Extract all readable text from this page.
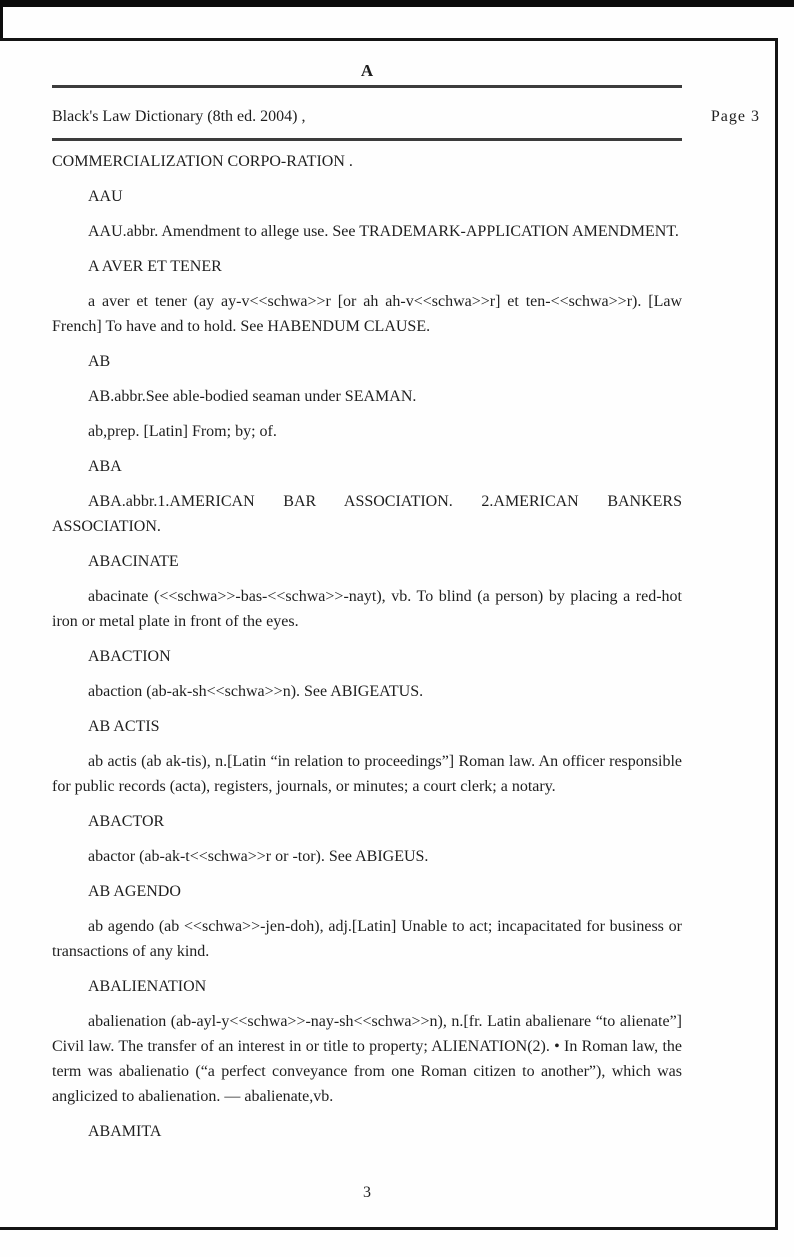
A
Black's Law Dictionary (8th ed. 2004) ,	Page 3

COMMERCIALIZATION CORPO-RATION .

AAU

AAU.abbr. Amendment to allege use. See TRADEMARK-APPLICATION AMENDMENT.

A AVER ET TENER

a aver et tener (ay ay-v<<schwa>>r [or ah ah-v<<schwa>>r] et ten-<<schwa>>r). [Law French] To have and to hold. See HABENDUM CLAUSE.

AB

AB.abbr.See able-bodied seaman under SEAMAN.

ab,prep. [Latin] From; by; of.

ABA

ABA.abbr.1.AMERICAN BAR ASSOCIATION. 2.AMERICAN BANKERS ASSOCIATION.

ABACINATE

abacinate (<<schwa>>-bas-<<schwa>>-nayt), vb. To blind (a person) by placing a red-hot iron or metal plate in front of the eyes.

ABACTION

abaction (ab-ak-sh<<schwa>>n). See ABIGEATUS.

AB ACTIS

ab actis (ab ak-tis), n.[Latin “in relation to proceedings”] Roman law. An officer responsible for public records (acta), registers, journals, or minutes; a court clerk; a notary.

ABACTOR

abactor (ab-ak-t<<schwa>>r or -tor). See ABIGEUS.

AB AGENDO

ab agendo (ab <<schwa>>-jen-doh), adj.[Latin] Unable to act; incapacitated for business or transactions of any kind.

ABALIENATION

abalienation (ab-ayl-y<<schwa>>-nay-sh<<schwa>>n), n.[fr. Latin abalienare “to alienate”] Civil law. The transfer of an interest in or title to property; ALIENATION(2). • In Roman law, the term was abalienatio (“a perfect conveyance from one Roman citizen to another”), which was anglicized to abalienation. — abalienate,vb.

ABAMITA
3
